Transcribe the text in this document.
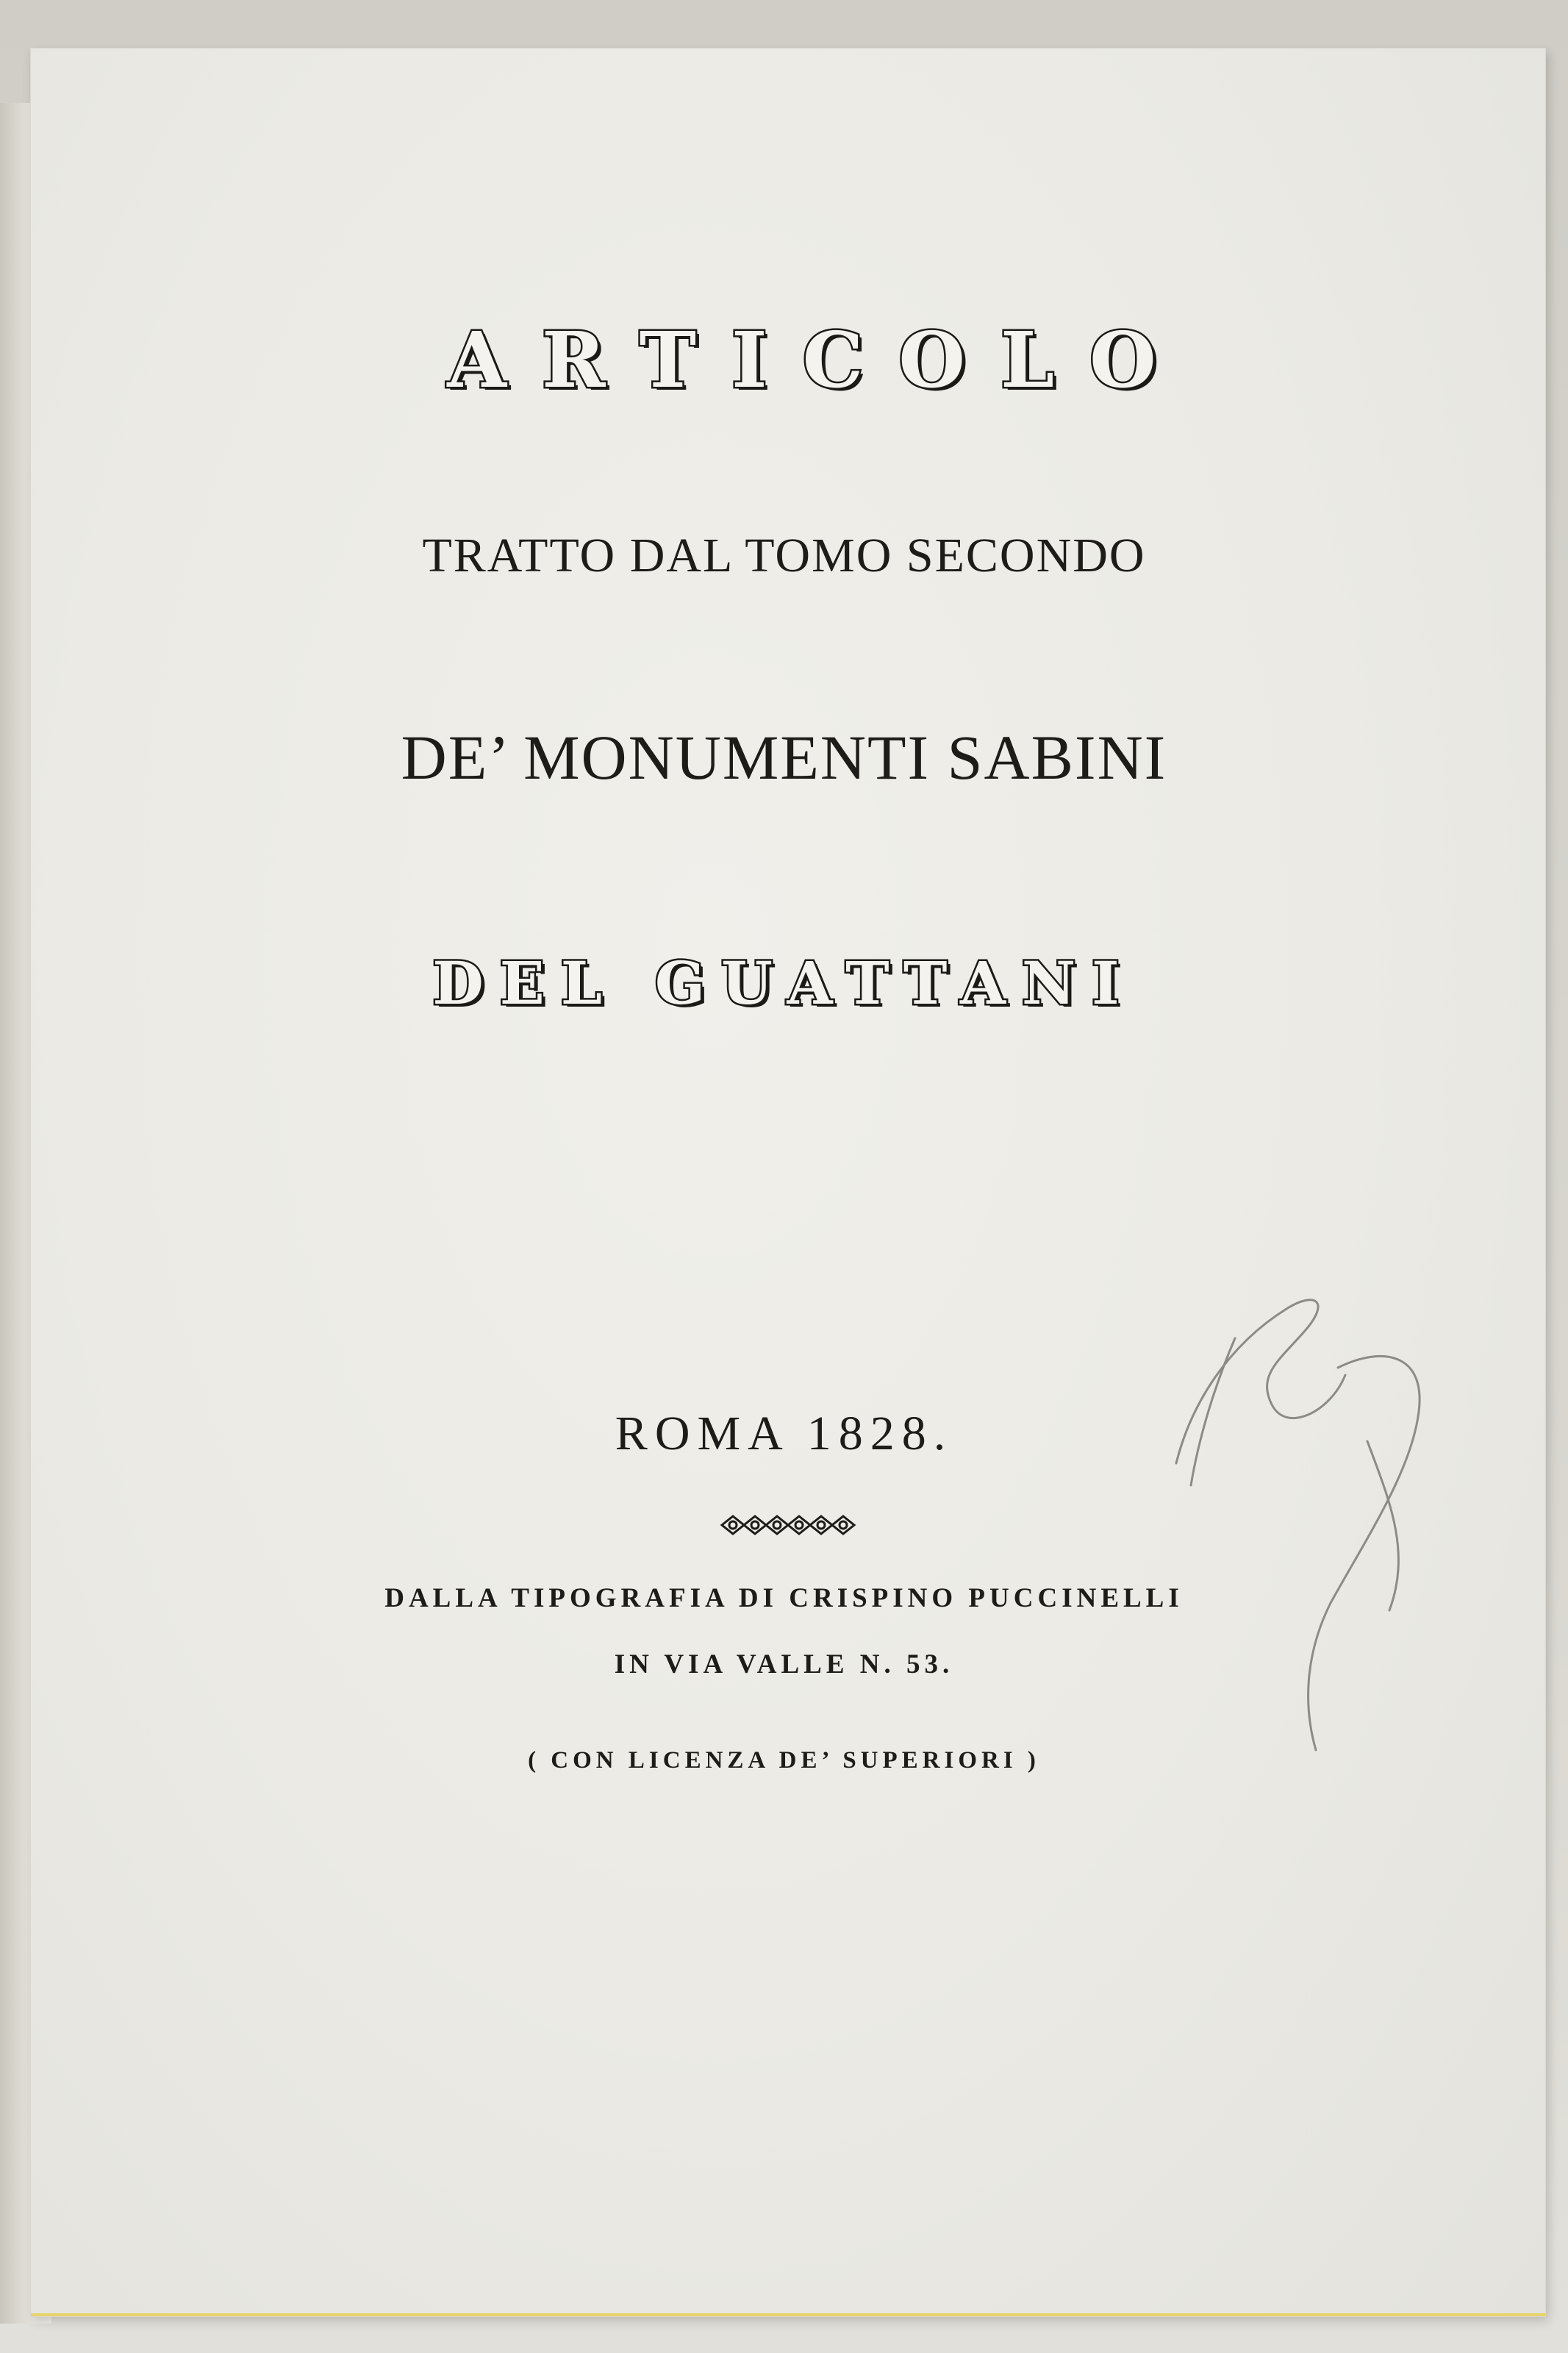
ARTICOLO
TRATTO DAL TOMO SECONDO
DE’ MONUMENTI SABINI
DEL GUATTANI
ROMA 1828.
DALLA TIPOGRAFIA DI CRISPINO PUCCINELLI
IN VIA VALLE N. 53.
( CON LICENZA DE’ SUPERIORI )
